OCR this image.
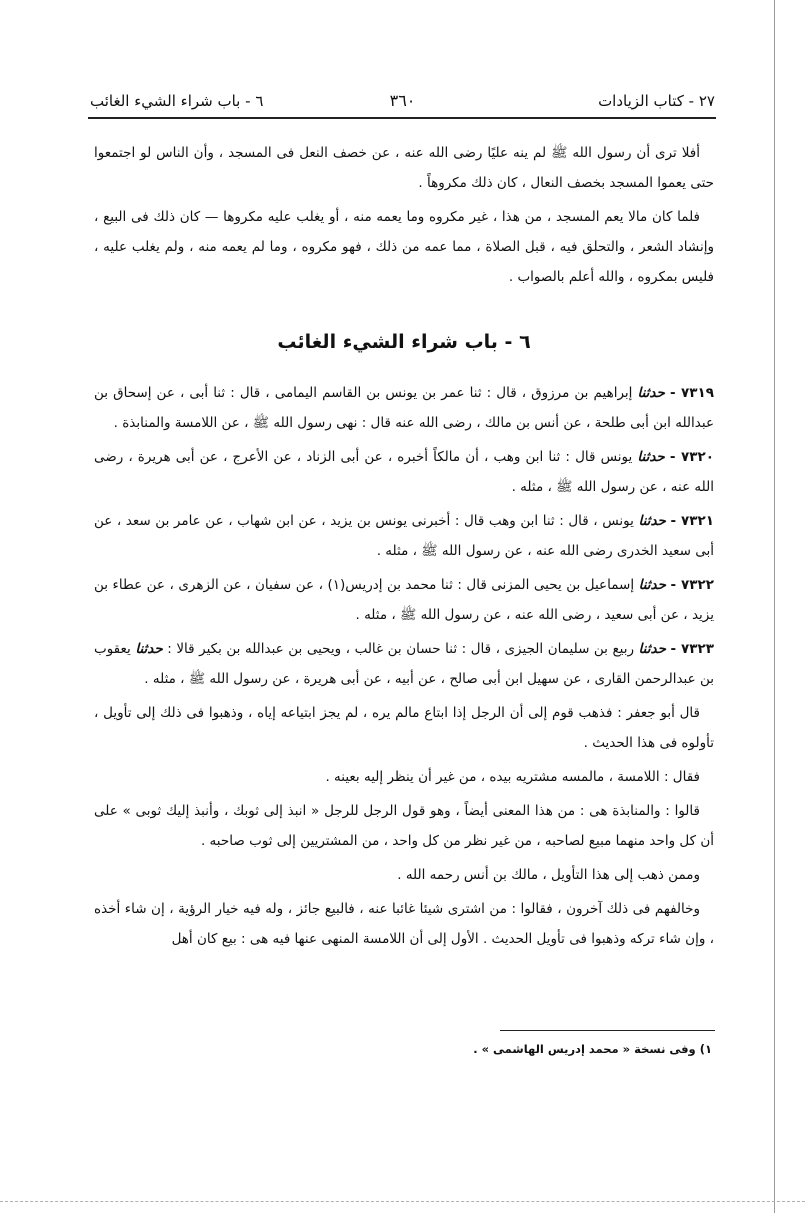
٢٧ - كتاب الزيادات
٣٦٠
٦ - باب شراء الشيء الغائب

أفلا ترى أن رسول الله ﷺ لم ينه عليًا رضى الله عنه ، عن خصف النعل فى المسجد ، وأن الناس لو اجتمعوا حتى يعموا المسجد بخصف النعال ، كان ذلك مكروهاً .

فلما كان مالا يعم المسجد ، من هذا ، غير مكروه وما يعمه منه ، أو يغلب عليه مكروها — كان ذلك فى البيع ، وإنشاد الشعر ، والتحلق فيه ، قبل الصلاة ، مما عمه من ذلك ، فهو مكروه ، وما لم يعمه منه ، ولم يغلب عليه ، فليس بمكروه ، والله أعلم بالصواب .

٦ - باب شراء الشيء الغائب

٧٣١٩ - حدثنا إبراهيم بن مرزوق ، قال : ثنا عمر بن يونس بن القاسم اليمامى ، قال : ثنا أبى ، عن إسحاق بن عبدالله ابن أبى طلحة ، عن أنس بن مالك ، رضى الله عنه قال : نهى رسول الله ﷺ ، عن اللامسة والمنابذة .

٧٣٢٠ - حدثنا يونس قال : ثنا ابن وهب ، أن مالكاً أخبره ، عن أبى الزناد ، عن الأعرج ، عن أبى هريرة ، رضى الله عنه ، عن رسول الله ﷺ ، مثله .

٧٣٢١ - حدثنا يونس ، قال : ثنا ابن وهب قال : أخبرنى يونس بن يزيد ، عن ابن شهاب ، عن عامر بن سعد ، عن أبى سعيد الخدرى رضى الله عنه ، عن رسول الله ﷺ ، مثله .

٧٣٢٢ - حدثنا إسماعيل بن يحيى المزنى قال : ثنا محمد بن إدريس(١) ، عن سفيان ، عن الزهرى ، عن عطاء بن يزيد ، عن أبى سعيد ، رضى الله عنه ، عن رسول الله ﷺ ، مثله .

٧٣٢٣ - حدثنا ربيع بن سليمان الجيزى ، قال : ثنا حسان بن غالب ، ويحيى بن عبدالله بن بكير قالا : حدثنا يعقوب بن عبدالرحمن القارى ، عن سهيل ابن أبى صالح ، عن أبيه ، عن أبى هريرة ، عن رسول الله ﷺ ، مثله .

قال أبو جعفر : فذهب قوم إلى أن الرجل إذا ابتاع مالم يره ، لم يجز ابتياعه إياه ، وذهبوا فى ذلك إلى تأويل ، تأولوه فى هذا الحديث .

فقال : اللامسة ، مالمسه مشتريه بيده ، من غير أن ينظر إليه بعينه .

قالوا : والمنابذة هى : من هذا المعنى أيضاً ، وهو قول الرجل للرجل « انبذ إلى ثوبك ، وأنبذ إليك ثوبى » على أن كل واحد منهما مبيع لصاحبه ، من غير نظر من كل واحد ، من المشتريين إلى ثوب صاحبه .

وممن ذهب إلى هذا التأويل ، مالك بن أنس رحمه الله .

وخالفهم فى ذلك آخرون ، فقالوا : من اشترى شيئا غائبا عنه ، فالبيع جائز ، وله فيه خيار الرؤية ، إن شاء أخذه ، وإن شاء تركه وذهبوا فى تأويل الحديث . الأول إلى أن اللامسة المنهى عنها فيه هى : بيع كان أهل

١) وفى نسخة « محمد إدريس الهاشمى » .
